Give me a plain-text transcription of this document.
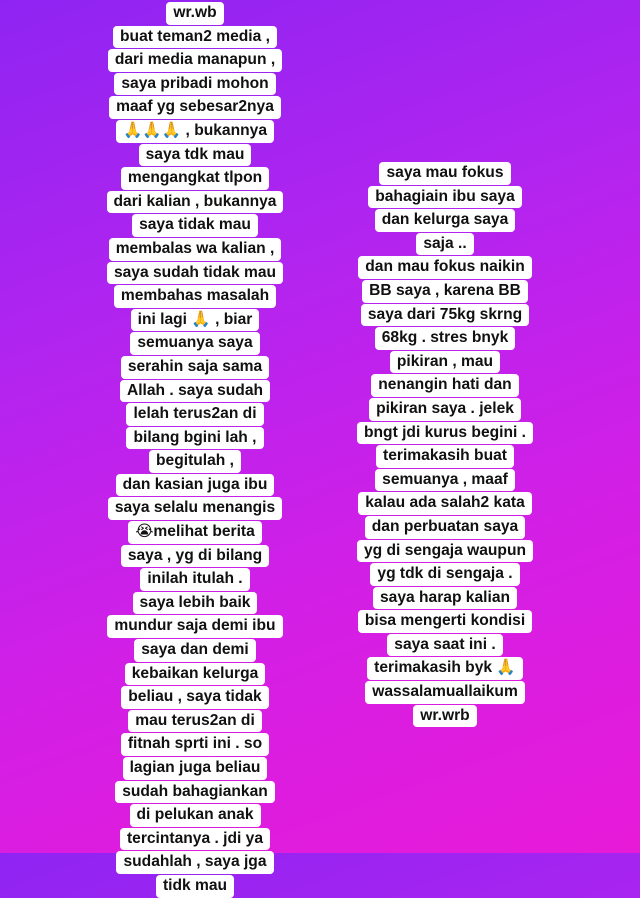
wr.wb
buat teman2 media ,
dari media manapun ,
saya pribadi mohon
maaf yg sebesar2nya
🙏🙏🙏 , bukannya
saya tdk mau
mengangkat tlpon
dari kalian , bukannya
saya tidak mau
membalas wa kalian ,
saya sudah tidak mau
membahas masalah
ini lagi 🙏 , biar
semuanya saya
serahin saja sama
Allah . saya sudah
lelah terus2an di
bilang bgini lah ,
begitulah ,
dan kasian juga ibu
saya selalu menangis
😭melihat berita
saya , yg di bilang
inilah itulah .
saya lebih baik
mundur saja demi ibu
saya dan demi
kebaikan kelurga
beliau , saya tidak
mau terus2an di
fitnah sprti ini . so
lagian juga beliau
sudah bahagiankan
di pelukan anak
tercintanya . jdi ya
sudahlah , saya jga
tidk mau
saya mau fokus
bahagiain ibu saya
dan kelurga saya
saja ..
dan mau fokus naikin
BB saya , karena BB
saya dari 75kg skrng
68kg . stres bnyk
pikiran , mau
nenangin hati dan
pikiran saya . jelek
bngt jdi kurus begini .
terimakasih buat
semuanya , maaf
kalau ada salah2 kata
dan perbuatan saya
yg di sengaja waupun
yg tdk di sengaja .
saya harap kalian
bisa mengerti kondisi
saya saat ini .
terimakasih byk 🙏
wassalamuallaikum
wr.wrb
